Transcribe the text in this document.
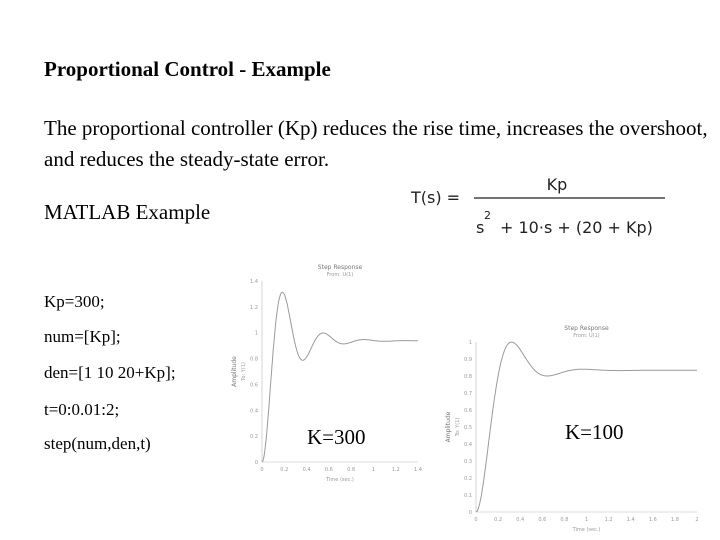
Proportional Control - Example
The proportional controller (Kp) reduces the rise time, increases the overshoot, and reduces the steady-state error.
MATLAB Example
Kp=300;
num=[Kp];
den=[1 10 20+Kp];
t=0:0.01:2;
step(num,den,t)
T(s) =
Kp
s
2
+ 10·s + (20 + Kp)
Step Response
From: U(1)
0	0.2	0.4	0.6	0.8	1	1.2	1.4
0
0.2
0.4
0.6
0.8
1
1.2
1.4
Time (sec.)
Amplitude To: Y(1)
Step Response
From: U(1)
0	0.2	0.4	0.6	0.8	1	1.2	1.4	1.6	1.8	2
0
0.1
0.2
0.3
0.4
0.5
0.6
0.7
0.8
0.9
1
Time (sec.)
Amplitude To: Y(1)
K=300	K=100
